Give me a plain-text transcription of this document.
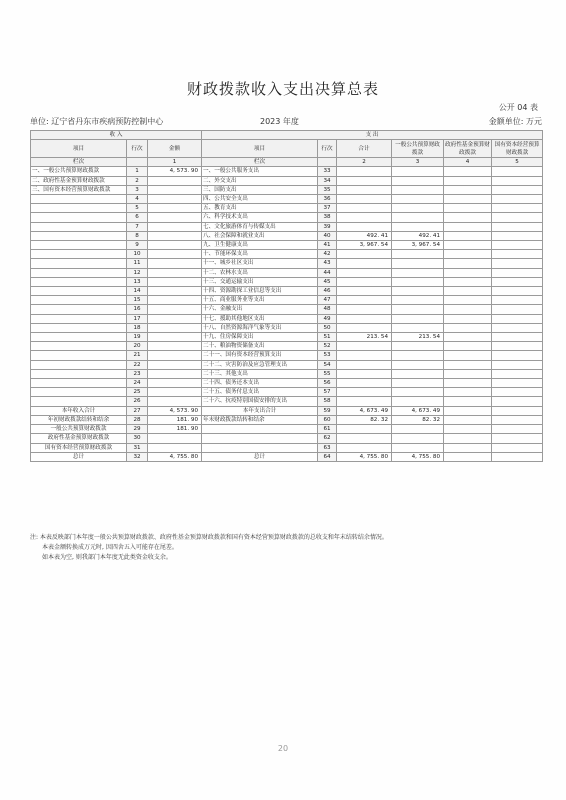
财政拨款收入支出决算总表
公开 04 表
单位: 辽宁省丹东市疾病预防控制中心	2023 年度	金额单位: 万元
收 入			支 出					
项目	行次	金额	项目	行次	合计	一般公共预算财政拨款	政府性基金预算财政拨款	国有资本经营预算财政拨款
栏次		1	栏次		2	3	4	5
一、一般公共预算财政拨款	1	4, 573. 90	一、一般公共服务支出	33				
二、政府性基金预算财政拨款	2		二、外交支出	34				
三、国有资本经营预算财政拨款	3		三、国防支出	35				
	4		四、公共安全支出	36				
	5		五、教育支出	37				
	6		六、科学技术支出	38				
	7		七、文化旅游体育与传媒支出	39				
	8		八、社会保障和就业支出	40	492. 41	492. 41		
	9		九、卫生健康支出	41	3, 967. 54	3, 967. 54		
	10		十、节能环保支出	42				
	11		十一、城乡社区支出	43				
	12		十二、农林水支出	44				
	13		十三、交通运输支出	45				
	14		十四、资源勘探工业信息等支出	46				
	15		十五、商业服务业等支出	47				
	16		十六、金融支出	48				
	17		十七、援助其他地区支出	49				
	18		十八、自然资源海洋气象等支出	50				
	19		十九、住房保障支出	51	213. 54	213. 54		
	20		二十、粮油物资储备支出	52				
	21		二十一、国有资本经营预算支出	53				
	22		二十二、灾害防治及应急管理支出	54				
	23		二十三、其他支出	55				
	24		二十四、债务还本支出	56				
	25		二十五、债务付息支出	57				
	26		二十六、抗疫特别国债安排的支出	58				
本年收入合计	27	4, 573. 90	本年支出合计	59	4, 673. 49	4, 673. 49		
年初财政拨款结转和结余	28	181. 90	年末财政拨款结转和结余	60	82. 32	82. 32		
一般公共预算财政拨款	29	181. 90		61				
政府性基金预算财政拨款	30			62				
国有资本经营预算财政拨款	31			63				
总计	32	4, 755. 80	总计	64	4, 755. 80	4, 755. 80		
注: 本表反映部门本年度一般公共预算财政拨款、政府性基金预算财政拨款和国有资本经营预算财政拨款的总收支和年末结转结余情况。
本表金额转换成万元时, 因四舍五入可能存在尾差。
如本表为空, 则我部门本年度无此类资金收支余。
20
